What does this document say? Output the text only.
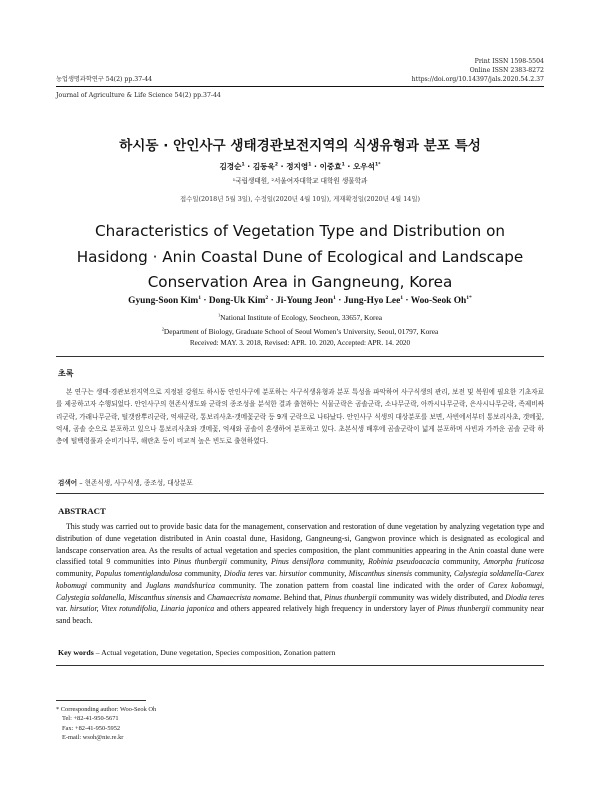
Print ISSN 1598-5504
Online ISSN 2383-8272
https://doi.org/10.14397/jals.2020.54.2.37
농업생명과학연구 54(2) pp.37-44
Journal of Agriculture & Life Science 54(2) pp.37-44
하시동 · 안인사구 생태경관보전지역의 식생유형과 분포 특성
김경순$^1$ · 김동욱$^2$ · 정지영$^1$ · 이중효$^1$ · 오우석$^{1*}$
¹국립생태원, ²서울여자대학교 대학원 생물학과
접수일(2018년 5월 3일), 수정일(2020년 4월 10일), 게재확정일(2020년 4월 14일)
Characteristics of Vegetation Type and Distribution on
Hasidong · Anin Coastal Dune of Ecological and Landscape
Conservation Area in Gangneung, Korea
Gyung-Soon Kim$^1$ · Dong-Uk Kim$^2$ · Ji-Young Jeon$^1$ · Jung-Hyo Lee$^1$ · Woo-Seok $Oh^{1*}$
$^1$National Institute of Ecology, Seocheon, 33657, Korea
$^2$Department of Biology, Graduate School of Seoul Women’s University, Seoul, 01797, Korea
Received: MAY. 3. 2018, Revised: APR. 10. 2020, Accepted: APR. 14. 2020
초록
본 연구는 생태·경관보전지역으로 지정된 강원도 하시동 안인사구에 분포하는 사구식생유형과 분포 특성을 파악하여 사구식생의 관리, 보전 및 복원에 필요한 기초자료를 제공하고자 수행되었다. 안인사구의 현존식생도와 군락의 종조성을 분석한 결과 출현하는 식물군락은 곰솔군락, 소나무군락, 아까시나무군락, 은사시나무군락, 족제비싸리군락, 가래나무군락, 털갯쌈뿌리군락, 억새군락, 통보리사초-갯메꽃군락 등 9개 군락으로 나타났다. 안인사구 식생의 대상분포를 보면, 사빈에서부터 통보리사초, 갯메꽃, 억새, 곰솔 순으로 분포하고 있으나 통보리사초와 갯메꽃, 억새와 곰솔이 혼생하여 분포하고 있다. 초본식생 배후에 곰솔군락이 넓게 분포하며 사빈과 가까운 곰솔 군락 하층에 털백령풀과 순비기나무, 해란초 등이 비교적 높은 빈도로 출현하였다.
검색어 – 현존식생, 사구식생, 종조성, 대상분포
ABSTRACT
This study was carried out to provide basic data for the management, conservation and restoration of dune vegetation by analyzing vegetation type and distribution of dune vegetation distributed in Anin coastal dune, Hasidong, Gangneung-si, Gangwon province which is designated as ecological and landscape conservation area. As the results of actual vegetation and species composition, the plant communities appearing in the Anin coastal dune were classified total 9 communities into Pinus thunbergii community, Pinus densiflora community, Robinia pseudoacacia community, Amorpha fruticosa community, Populus tomentiglandulosa community, Diodia teres var. hirsutior community, Miscanthus sinensis community, Calystegia soldanella-Carex kobomugi community and Juglans mandshurica community. The zonation pattern from coastal line indicated with the order of Carex kobomugi, Calystegia soldanella, Miscanthus sinensis and Chamaecrista nomame. Behind that, Pinus thunbergii community was widely distributed, and Diodia teres var. hirsutior, Vitex rotundifolia, Linaria japonica and others appeared relatively high frequency in understory layer of Pinus thunbergii community near sand beach.
Key words – Actual vegetation, Dune vegetation, Species composition, Zonation pattern
* Corresponding author: Woo-Seok Oh
Tel: +82-41-950-5671
Fax: +82-41-950-5952
E-mail: wsoh@nie.re.kr
